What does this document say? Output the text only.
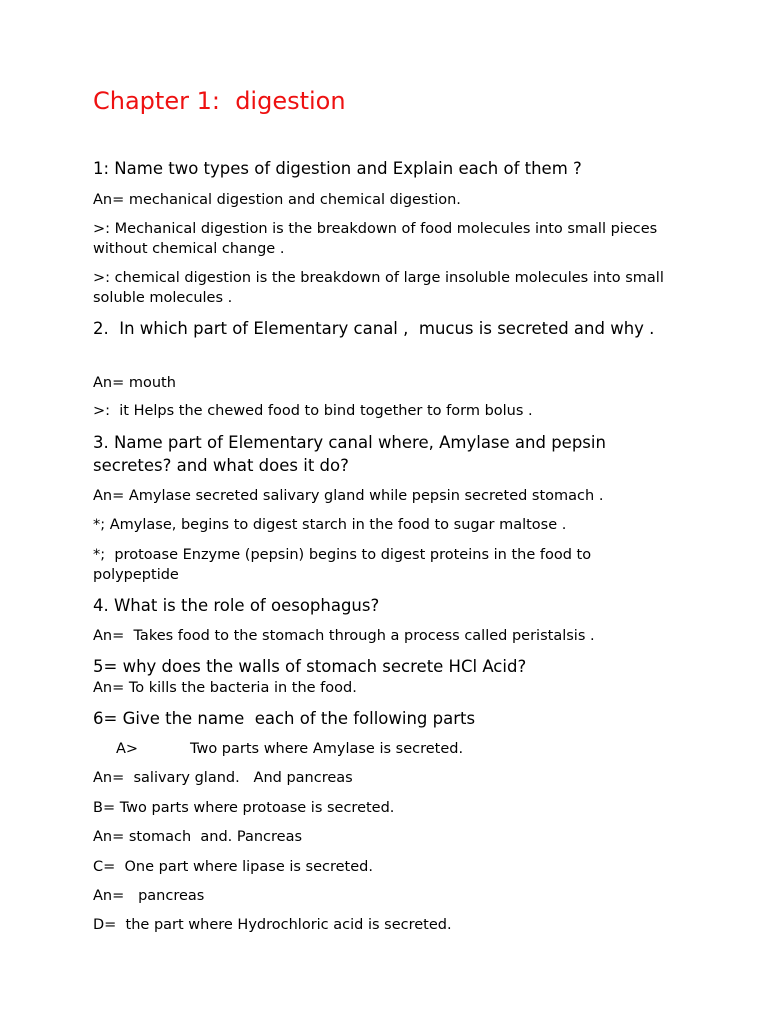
Chapter 1:  digestion
1: Name two types of digestion and Explain each of them ?
An= mechanical digestion and chemical digestion.
>: Mechanical digestion is the breakdown of food molecules into small pieces without chemical change .
>: chemical digestion is the breakdown of large insoluble molecules into small soluble molecules .
2.  In which part of Elementary canal ,  mucus is secreted and why .
An= mouth
>:  it Helps the chewed food to bind together to form bolus .
3. Name part of Elementary canal where, Amylase and pepsin secretes? and what does it do?
An= Amylase secreted salivary gland while pepsin secreted stomach .
*; Amylase, begins to digest starch in the food to sugar maltose .
*;  protoase Enzyme (pepsin) begins to digest proteins in the food to polypeptide
4. What is the role of oesophagus?
An=  Takes food to the stomach through a process called peristalsis .
5= why does the walls of stomach secrete HCl Acid?
An= To kills the bacteria in the food.
6= Give the name  each of the following parts
A>	Two parts where Amylase is secreted.
An=  salivary gland.   And pancreas
B= Two parts where protoase is secreted.
An= stomach  and. Pancreas
C=  One part where lipase is secreted.
An=   pancreas
D=  the part where Hydrochloric acid is secreted.
